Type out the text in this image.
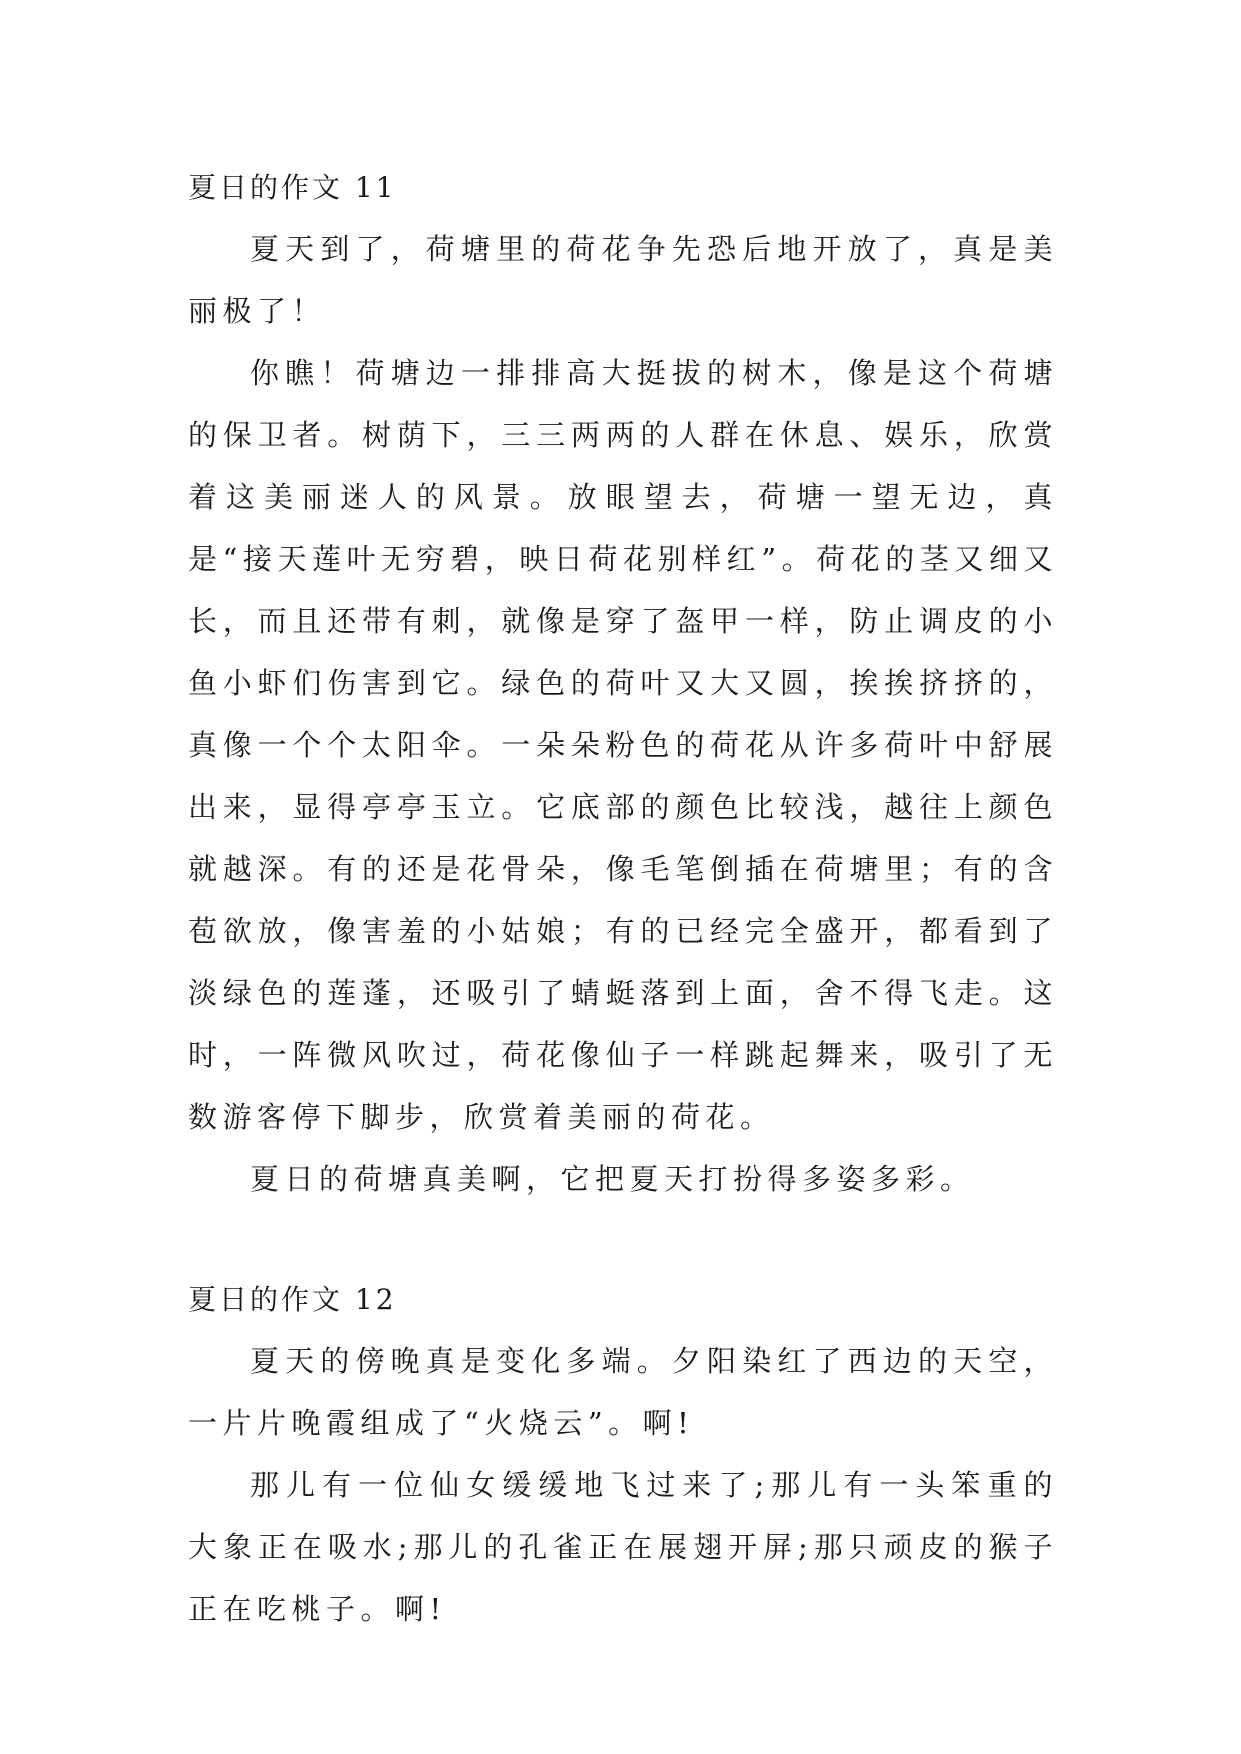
夏日的作文 11

夏天到了，荷塘里的荷花争先恐后地开放了，真是美丽极了！

你瞧！荷塘边一排排高大挺拔的树木，像是这个荷塘的保卫者。树荫下，三三两两的人群在休息、娱乐，欣赏着这美丽迷人的风景。放眼望去，荷塘一望无边，真是“接天莲叶无穷碧，映日荷花别样红”。荷花的茎又细又长，而且还带有刺，就像是穿了盔甲一样，防止调皮的小鱼小虾们伤害到它。绿色的荷叶又大又圆，挨挨挤挤的，真像一个个太阳伞。一朵朵粉色的荷花从许多荷叶中舒展出来，显得亭亭玉立。它底部的颜色比较浅，越往上颜色就越深。有的还是花骨朵，像毛笔倒插在荷塘里；有的含苞欲放，像害羞的小姑娘；有的已经完全盛开，都看到了淡绿色的莲蓬，还吸引了蜻蜓落到上面，舍不得飞走。这时，一阵微风吹过，荷花像仙子一样跳起舞来，吸引了无数游客停下脚步，欣赏着美丽的荷花。

夏日的荷塘真美啊，它把夏天打扮得多姿多彩。

夏日的作文 12

夏天的傍晚真是变化多端。夕阳染红了西边的天空，一片片晚霞组成了“火烧云”。啊!

那儿有一位仙女缓缓地飞过来了;那儿有一头笨重的大象正在吸水;那儿的孔雀正在展翅开屏;那只顽皮的猴子正在吃桃子。啊!
